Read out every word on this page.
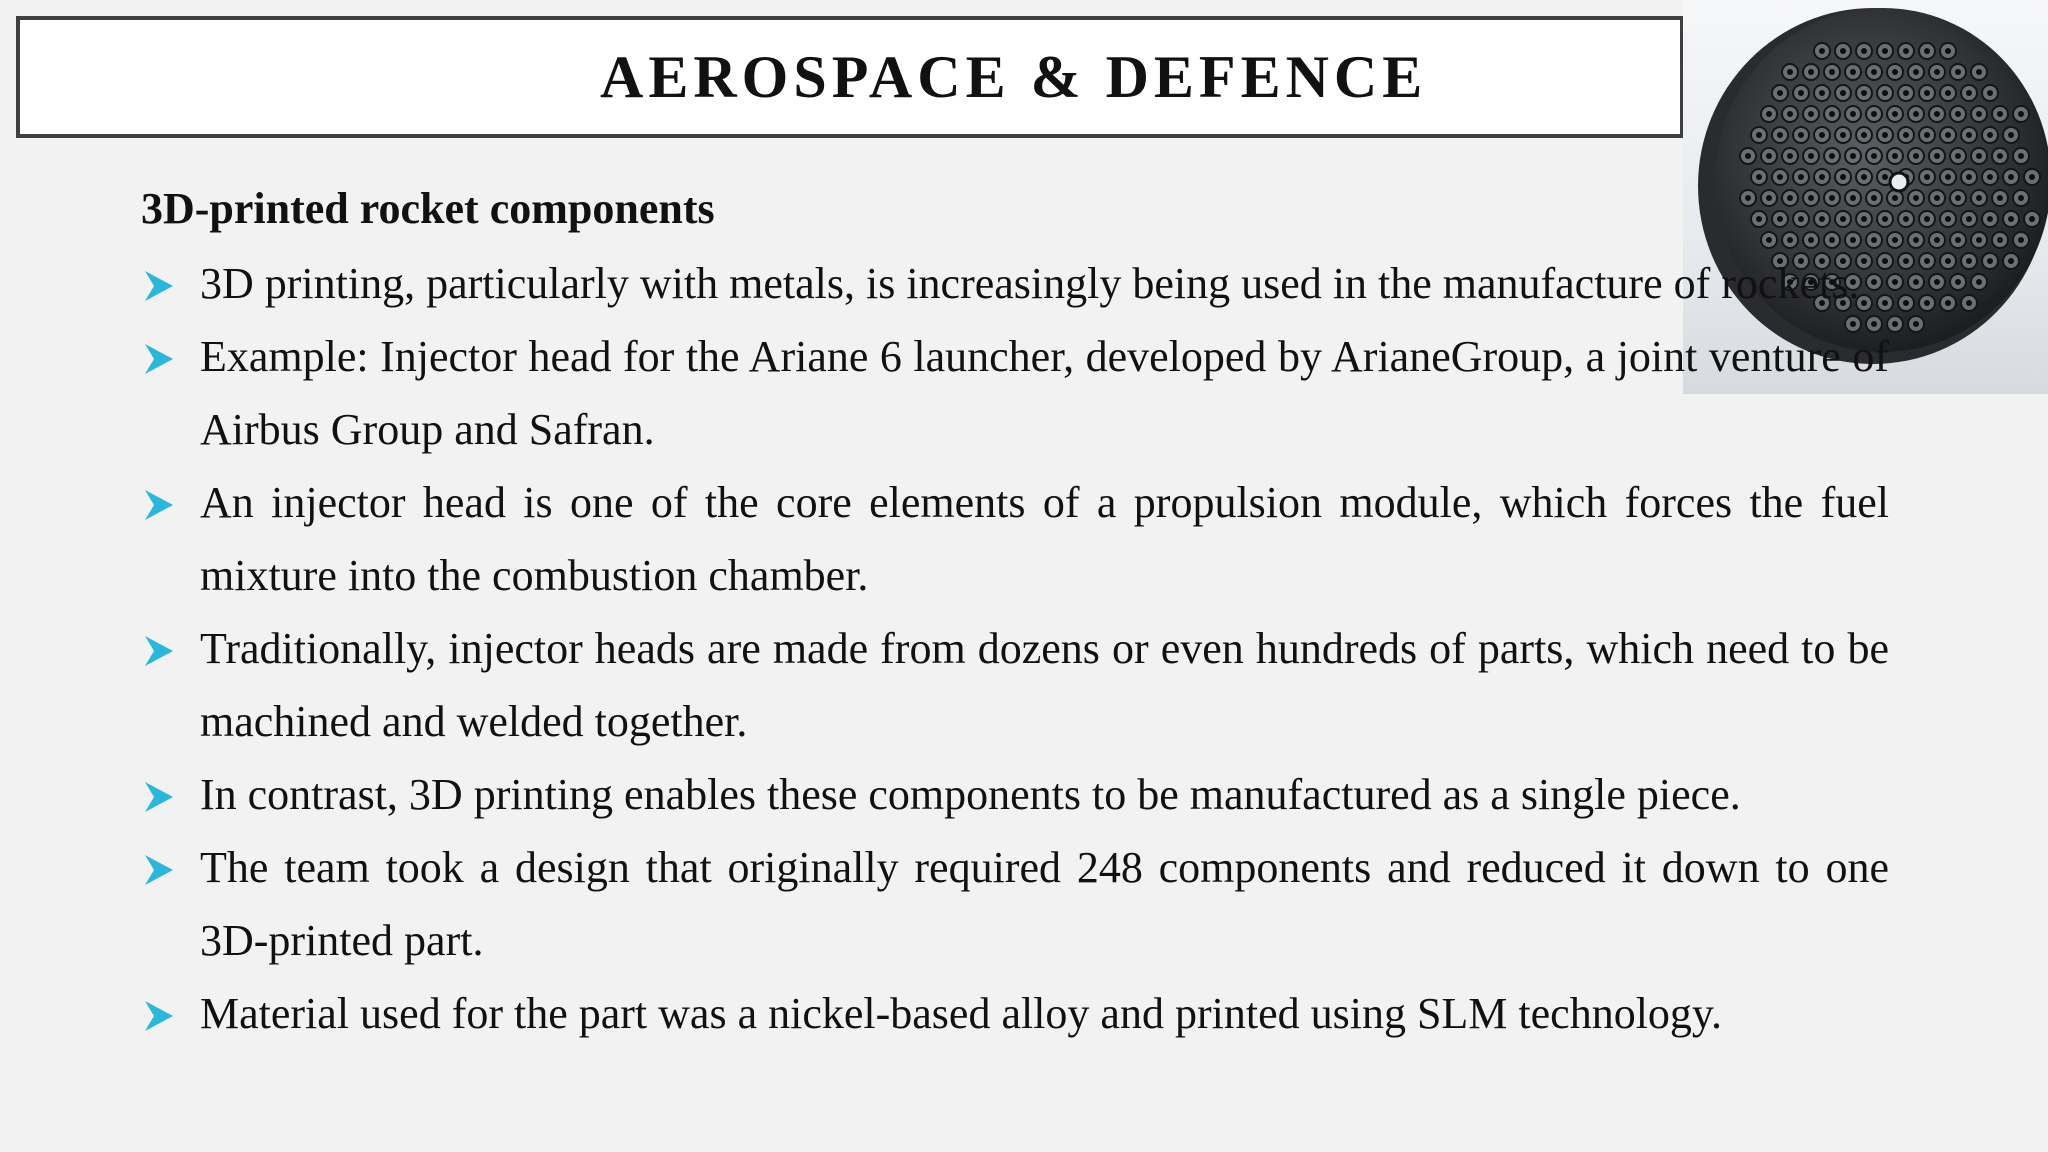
AEROSPACE & DEFENCE

3D-printed rocket components

3D printing, particularly with metals, is increasingly being used in the manufacture of rockets.
Example: Injector head for the Ariane 6 launcher, developed by ArianeGroup, a joint venture of Airbus Group and Safran.
An injector head is one of the core elements of a propulsion module, which forces the fuel mixture into the combustion chamber.
Traditionally, injector heads are made from dozens or even hundreds of parts, which need to be machined and welded together.
In contrast, 3D printing enables these components to be manufactured as a single piece.
The team took a design that originally required 248 components and reduced it down to one 3D-printed part.
Material used for the part was a nickel-based alloy and printed using SLM technology.
